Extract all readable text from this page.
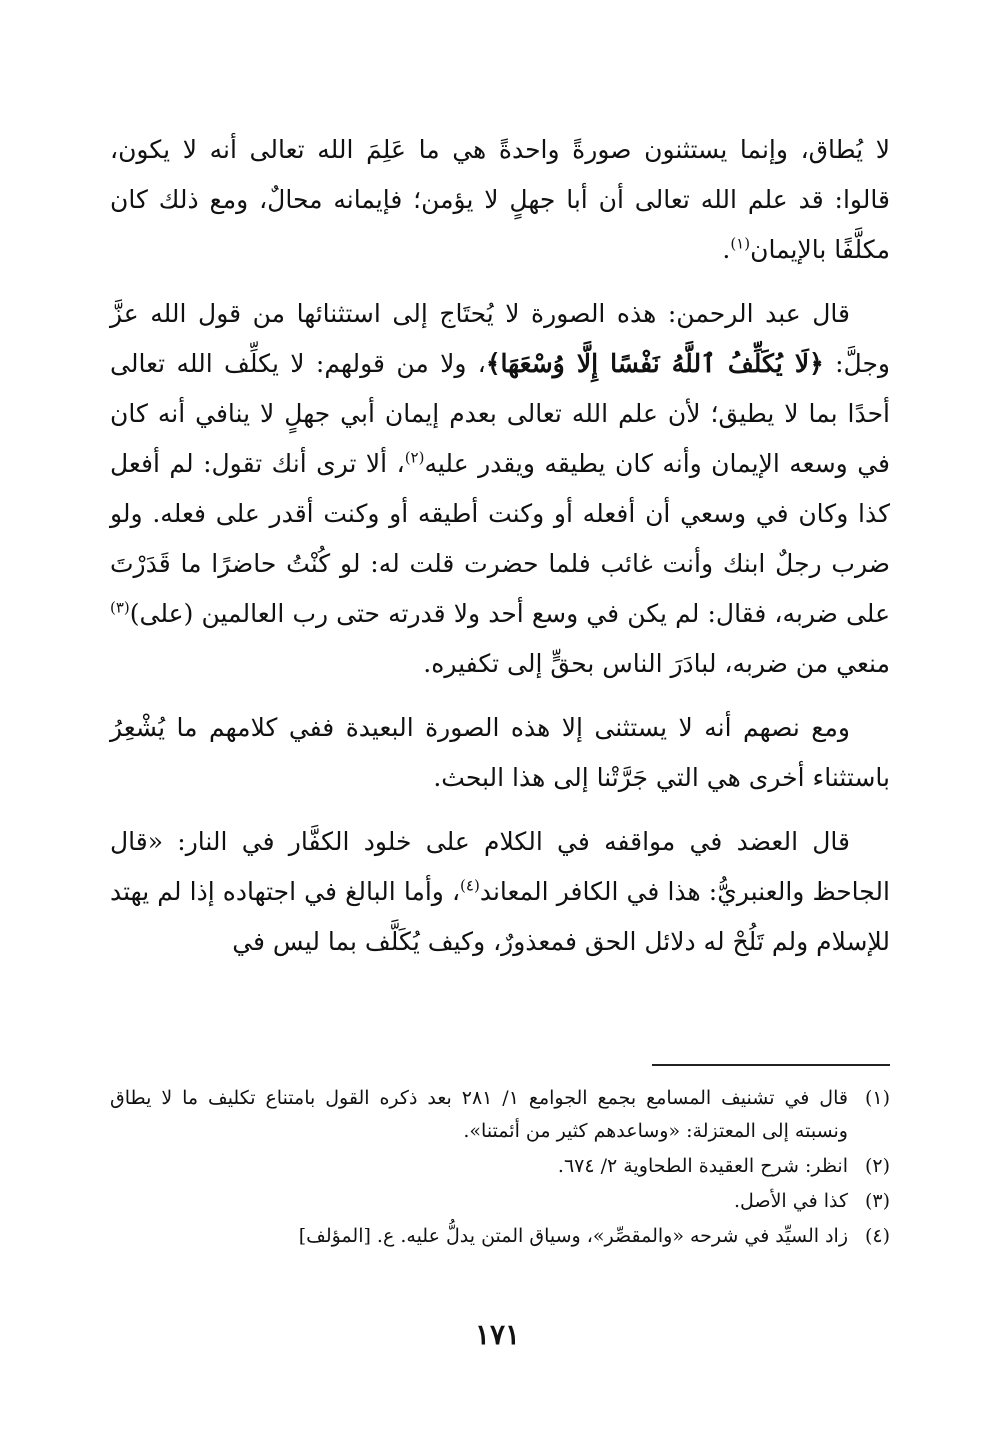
لا يُطاق، وإنما يستثنون صورةً واحدةً هي ما عَلِمَ الله تعالى أنه لا يكون، قالوا: قد علم الله تعالى أن أبا جهلٍ لا يؤمن؛ فإيمانه محالٌ، ومع ذلك كان مكلَّفًا بالإيمان$^{(١)}$.

قال عبد الرحمن: هذه الصورة لا يُحتَاج إلى استثنائها من قول الله عزَّ وجلَّ: ﴿لَا يُكَلِّفُ ٱللَّهُ نَفْسًا إِلَّا وُسْعَهَا﴾، ولا من قولهم: لا يكلِّف الله تعالى أحدًا بما لا يطيق؛ لأن علم الله تعالى بعدم إيمان أبي جهلٍ لا ينافي أنه كان في وسعه الإيمان وأنه كان يطيقه ويقدر عليه$^{(٢)}$، ألا ترى أنك تقول: لم أفعل كذا وكان في وسعي أن أفعله أو وكنت أطيقه أو وكنت أقدر على فعله. ولو ضرب رجلٌ ابنك وأنت غائب فلما حضرت قلت له: لو كُنْتُ حاضرًا ما قَدَرْتَ على ضربه، فقال: لم يكن في وسع أحد ولا قدرته حتى رب العالمين (على)$^{(٣)}$ منعي من ضربه، لبادَرَ الناس بحقٍّ إلى تكفيره.

ومع نصهم أنه لا يستثنى إلا هذه الصورة البعيدة ففي كلامهم ما يُشْعِرُ باستثناء أخرى هي التي جَرَّتْنا إلى هذا البحث.

قال العضد في مواقفه في الكلام على خلود الكفَّار في النار: «قال الجاحظ والعنبريُّ: هذا في الكافر المعاند$^{(٤)}$، وأما البالغ في اجتهاده إذا لم يهتد للإسلام ولم تَلُحْ له دلائل الحق فمعذورٌ، وكيف يُكَلَّف بما ليس في

(١)
قال في تشنيف المسامع بجمع الجوامع ١/ ٢٨١ بعد ذكره القول بامتناع تكليف ما لا يطاق ونسبته إلى المعتزلة: «وساعدهم كثير من أئمتنا».
(٢)
انظر: شرح العقيدة الطحاوية ٢/ ٦٧٤.
(٣)
كذا في الأصل.
(٤)
زاد السيِّد في شرحه «والمقصِّر»، وسياق المتن يدلُّ عليه. ع. [المؤلف]
١٧١
